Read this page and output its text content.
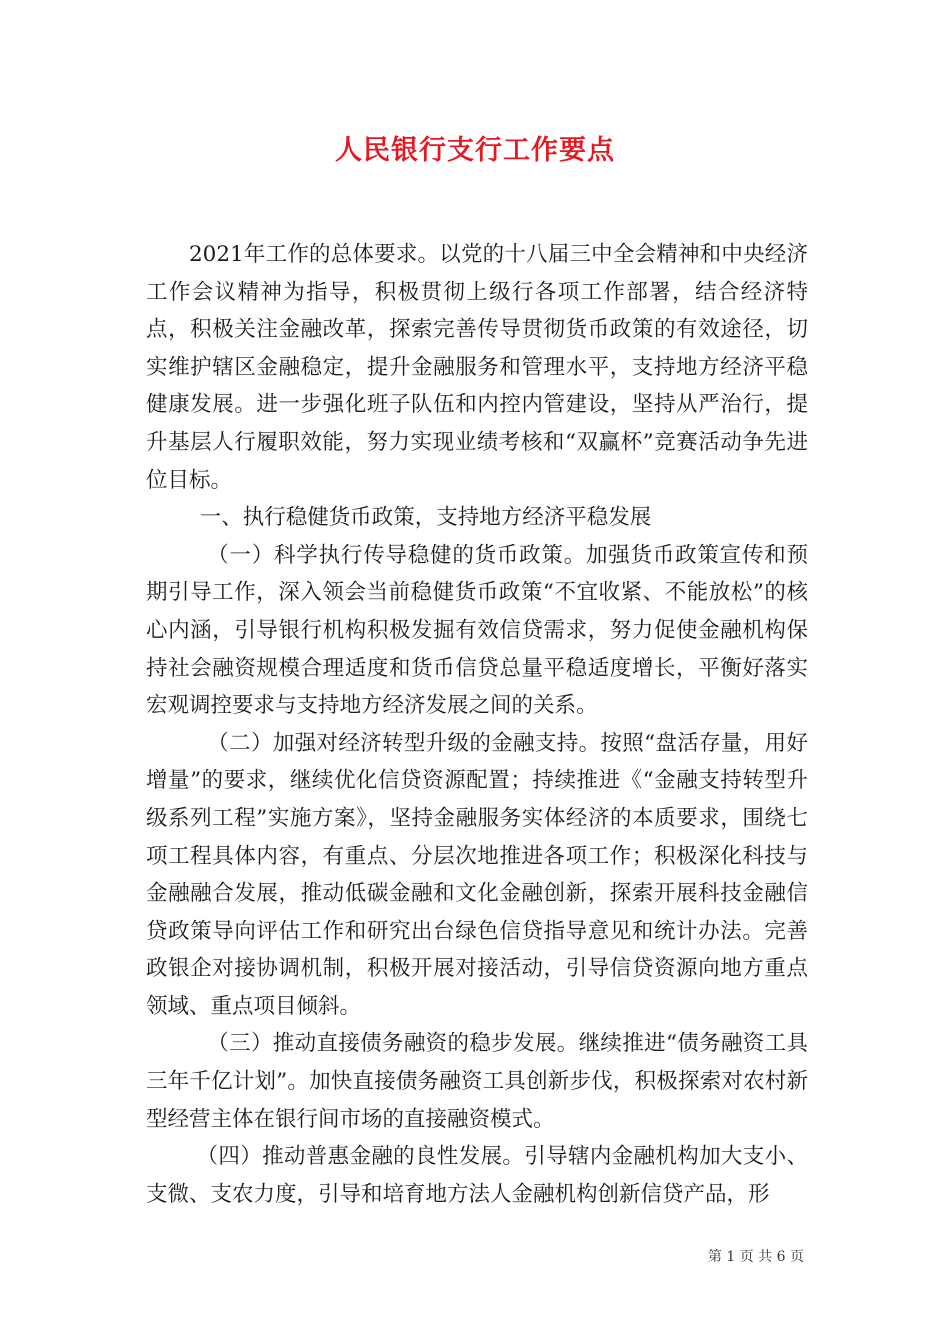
人民银行支行工作要点

2021年工作的总体要求。以党的十八届三中全会精神和中央经济工作会议精神为指导，积极贯彻上级行各项工作部署，结合经济特点，积极关注金融改革，探索完善传导贯彻货币政策的有效途径，切实维护辖区金融稳定，提升金融服务和管理水平，支持地方经济平稳健康发展。进一步强化班子队伍和内控内管建设，坚持从严治行，提升基层人行履职效能，努力实现业绩考核和“双赢杯”竞赛活动争先进位目标。

一、执行稳健货币政策，支持地方经济平稳发展

（一）科学执行传导稳健的货币政策。加强货币政策宣传和预期引导工作，深入领会当前稳健货币政策“不宜收紧、不能放松”的核心内涵，引导银行机构积极发掘有效信贷需求，努力促使金融机构保持社会融资规模合理适度和货币信贷总量平稳适度增长，平衡好落实宏观调控要求与支持地方经济发展之间的关系。

（二）加强对经济转型升级的金融支持。按照“盘活存量，用好增量”的要求，继续优化信贷资源配置；持续推进《“金融支持转型升级系列工程”实施方案》，坚持金融服务实体经济的本质要求，围绕七项工程具体内容，有重点、分层次地推进各项工作；积极深化科技与金融融合发展，推动低碳金融和文化金融创新，探索开展科技金融信贷政策导向评估工作和研究出台绿色信贷指导意见和统计办法。完善政银企对接协调机制，积极开展对接活动，引导信贷资源向地方重点领域、重点项目倾斜。

（三）推动直接债务融资的稳步发展。继续推进“债务融资工具三年千亿计划”。加快直接债务融资工具创新步伐，积极探索对农村新型经营主体在银行间市场的直接融资模式。

（四）推动普惠金融的良性发展。引导辖内金融机构加大支小、支微、支农力度，引导和培育地方法人金融机构创新信贷产品，形

第 1 页 共 6 页
